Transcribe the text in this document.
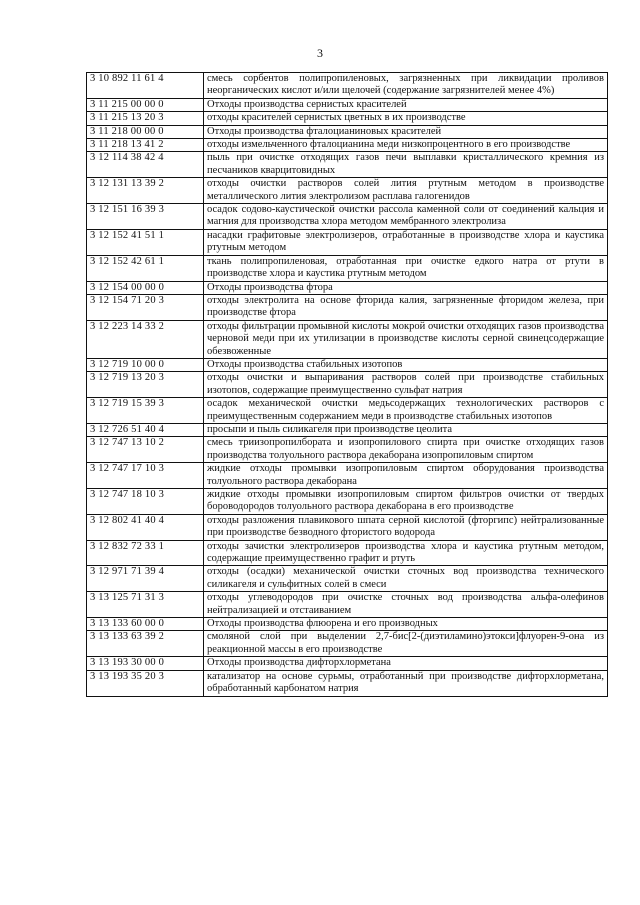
3
3 10 892 11 61 4	смесь сорбентов полипропиленовых, загрязненных при ликвидации проливов неорганических кислот и/или щелочей (содержание загрязнителей менее 4%)
3 11 215 00 00 0	Отходы производства сернистых красителей
3 11 215 13 20 3	отходы красителей сернистых цветных в их производстве
3 11 218 00 00 0	Отходы производства фталоцианиновых красителей
3 11 218 13 41 2	отходы измельченного фталоцианина меди низкопроцентного в его производстве
3 12 114 38 42 4	пыль при очистке отходящих газов печи выплавки кристаллического кремния из песчаников кварцитовидных
3 12 131 13 39 2	отходы очистки растворов солей лития ртутным методом в производстве металлического лития электролизом расплава галогенидов
3 12 151 16 39 3	осадок содово-каустической очистки рассола каменной соли от соединений кальция и магния для производства хлора методом мембранного электролиза
3 12 152 41 51 1	насадки графитовые электролизеров, отработанные в производстве хлора и каустика ртутным методом
3 12 152 42 61 1	ткань полипропиленовая, отработанная при очистке едкого натра от ртути в производстве хлора и каустика ртутным методом
3 12 154 00 00 0	Отходы производства фтора
3 12 154 71 20 3	отходы электролита на основе фторида калия, загрязненные фторидом железа, при производстве фтора
3 12 223 14 33 2	отходы фильтрации промывной кислоты мокрой очистки отходящих газов производства черновой меди при их утилизации в производстве кислоты серной свинецсодержащие обезвоженные
3 12 719 10 00 0	Отходы производства стабильных изотопов
3 12 719 13 20 3	отходы очистки и выпаривания растворов солей при производстве стабильных изотопов, содержащие преимущественно сульфат натрия
3 12 719 15 39 3	осадок механической очистки медьсодержащих технологических растворов с преимущественным содержанием меди в производстве стабильных изотопов
3 12 726 51 40 4	просыпи и пыль силикагеля при производстве цеолита
3 12 747 13 10 2	смесь триизопропилбората и изопропилового спирта при очистке отходящих газов производства толуольного раствора декаборана изопропиловым спиртом
3 12 747 17 10 3	жидкие отходы промывки изопропиловым спиртом оборудования производства толуольного раствора декаборана
3 12 747 18 10 3	жидкие отходы промывки изопропиловым спиртом фильтров очистки от твердых бороводородов толуольного раствора декаборана в его производстве
3 12 802 41 40 4	отходы разложения плавикового шпата серной кислотой (фторгипс) нейтрализованные при производстве безводного фтористого водорода
3 12 832 72 33 1	отходы зачистки электролизеров производства хлора и каустика ртутным методом, содержащие преимущественно графит и ртуть
3 12 971 71 39 4	отходы (осадки) механической очистки сточных вод производства технического силикагеля и сульфитных солей в смеси
3 13 125 71 31 3	отходы углеводородов при очистке сточных вод производства альфа-олефинов нейтрализацией и отстаиванием
3 13 133 60 00 0	Отходы производства флюорена и его производных
3 13 133 63 39 2	смоляной слой при выделении 2,7-бис[2-(диэтиламино)этокси]флуорен-9-она из реакционной массы в его производстве
3 13 193 30 00 0	Отходы производства дифторхлорметана
3 13 193 35 20 3	катализатор на основе сурьмы, отработанный при производстве дифторхлорметана, обработанный карбонатом натрия
